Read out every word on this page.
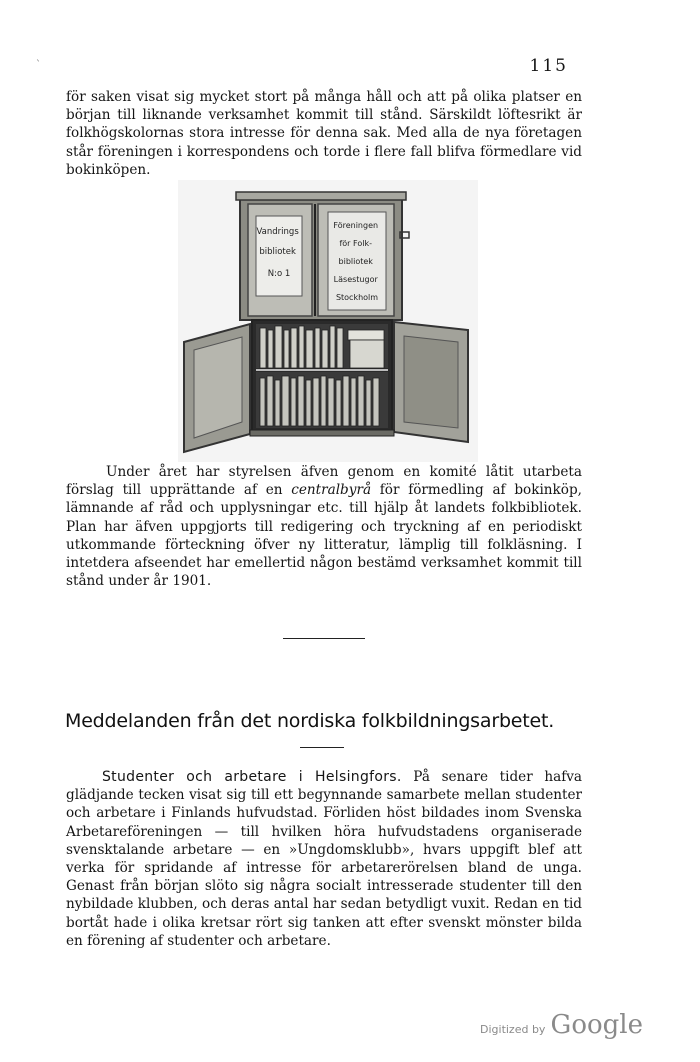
`	115

för saken visat sig mycket stort på många håll och att på olika platser en början till liknande verksamhet kommit till stånd. Särskildt löftesrikt är folkhögskolornas stora intresse för denna sak. Med alla de nya företagen står föreningen i korrespondens och torde i flere fall blifva förmedlare vid bokinköpen.

Vandrings bibliotek N:o 1
Föreningen för Folk- bibliotek Läsestugor Stockholm

Under året har styrelsen äfven genom en komité låtit utarbeta förslag till upprättande af en centralbyrå för förmedling af bokinköp, lämnande af råd och upplysningar etc. till hjälp åt landets folkbibliotek. Plan har äfven uppgjorts till redigering och tryckning af en periodiskt utkommande förteckning öfver ny litteratur, lämplig till folkläsning. I intetdera afseendet har emellertid någon bestämd verksamhet kommit till stånd under år 1901.

Meddelanden från det nordiska folkbildningsarbetet.

Studenter och arbetare i Helsingfors. På senare tider hafva glädjande tecken visat sig till ett begynnande samarbete mellan studenter och arbetare i Finlands hufvudstad. Förliden höst bildades inom Svenska Arbetareföreningen — till hvilken höra hufvudstadens organiserade svensktalande arbetare — en »Ungdomsklubb», hvars uppgift blef att verka för spridande af intresse för arbetarerörelsen bland de unga. Genast från början slöto sig några socialt intresserade studenter till den nybildade klubben, och deras antal har sedan betydligt vuxit. Redan en tid bortåt hade i olika kretsar rört sig tanken att efter svenskt mönster bilda en förening af studenter och arbetare.

Digitized by Google
